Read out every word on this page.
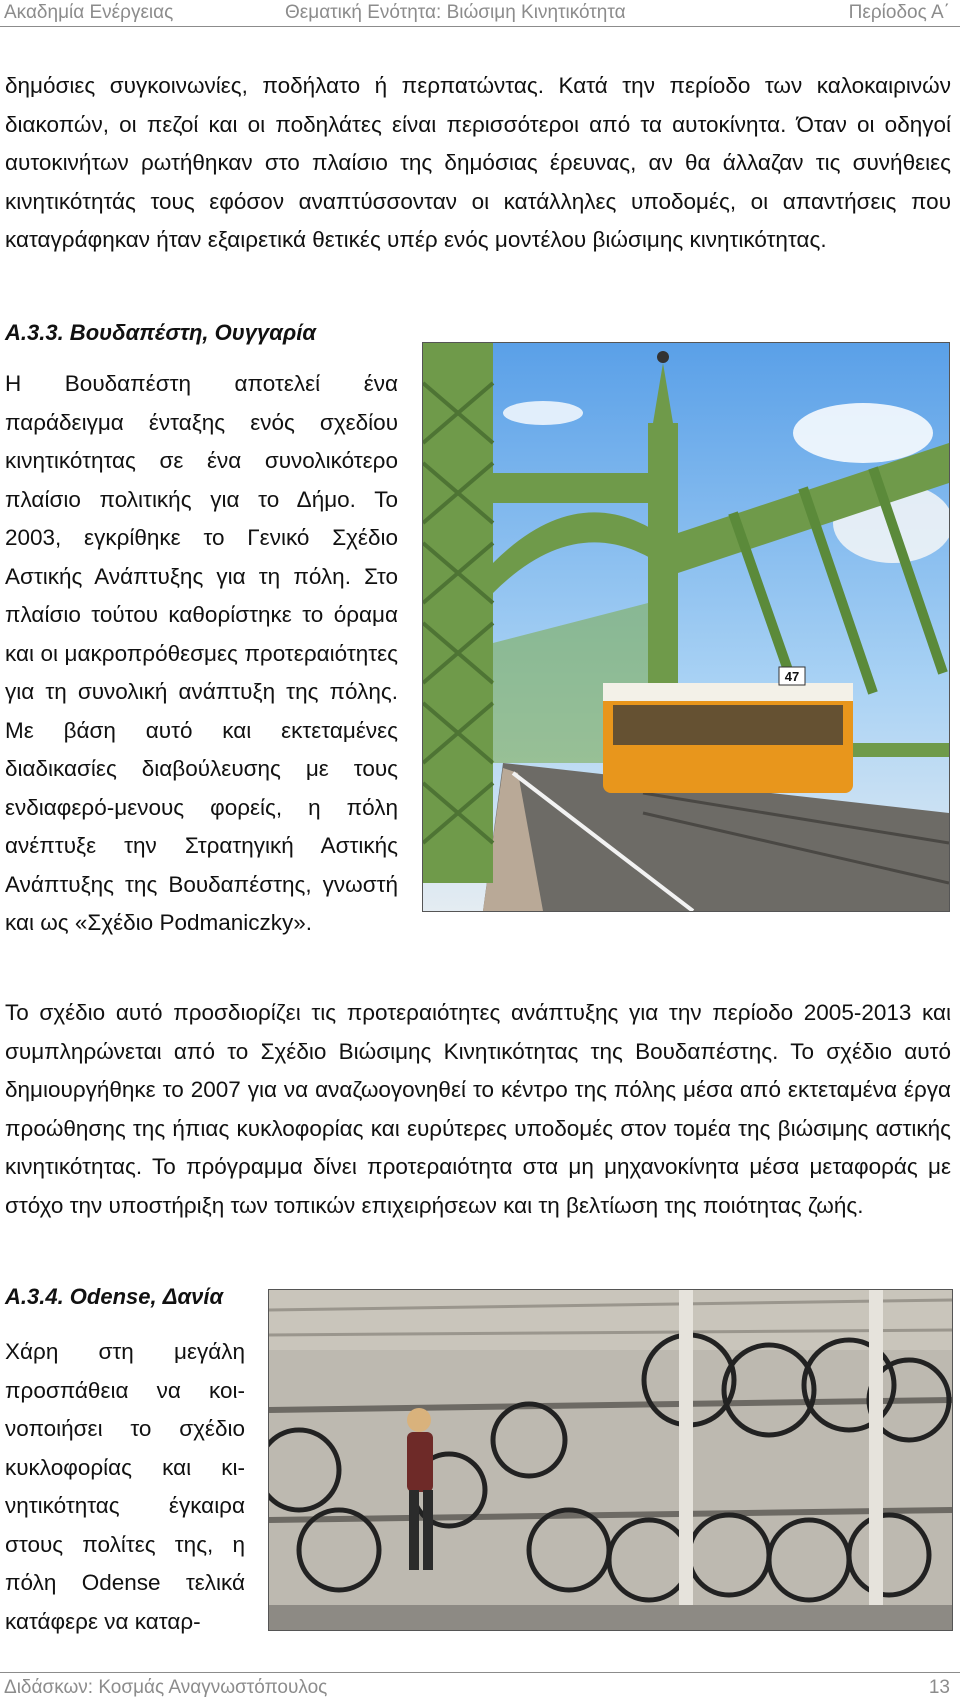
Ακαδημία Ενέργειας	Θεματική Ενότητα: Βιώσιμη Κινητικότητα	Περίοδος Α΄

δημόσιες συγκοινωνίες, ποδήλατο ή περπατώντας. Κατά την περίοδο των καλοκαιρινών διακοπών, οι πεζοί και οι ποδηλάτες είναι περισσότεροι από τα αυτοκίνητα. Όταν οι οδηγοί αυτοκινήτων ρωτήθηκαν στο πλαίσιο της δημόσιας έρευνας, αν θα άλλαζαν τις συνήθειες κινητικότητάς τους εφόσον αναπτύσσονταν οι κατάλληλες υποδομές, οι απαντήσεις που καταγράφηκαν ήταν εξαιρετικά θετικές υπέρ ενός μοντέλου βιώσιμης κινητικότητας.

Α.3.3. Βουδαπέστη, Ουγγαρία

Η Βουδαπέστη αποτελεί ένα παράδειγμα ένταξης ενός σχεδίου κινητικότητας σε ένα συνολικότερο πλαίσιο πολιτικής για το Δήμο. Το 2003, εγκρίθηκε το Γενικό Σχέδιο Αστικής Ανάπτυξης για τη πόλη. Στο πλαίσιο τούτου καθορίστηκε το όραμα και οι μακροπρόθεσμες προτεραιότητες για τη συνολική ανάπτυξη της πόλης. Με βάση αυτό και εκτεταμένες διαδικασίες διαβούλευσης με τους ενδιαφερό-μενους φορείς, η πόλη ανέπτυξε την Στρατηγική Αστικής Ανάπτυξης της Βουδαπέστης, γνωστή και ως «Σχέδιο Podmaniczky».

47

Το σχέδιο αυτό προσδιορίζει τις προτεραιότητες ανάπτυξης για την περίοδο 2005-2013 και συμπληρώνεται από το Σχέδιο Βιώσιμης Κινητικότητας της Βουδαπέστης. Το σχέδιο αυτό δημιουργήθηκε το 2007 για να αναζωογονηθεί το κέντρο της πόλης μέσα από εκτεταμένα έργα προώθησης της ήπιας κυκλοφορίας και ευρύτερες υποδομές στον τομέα της βιώσιμης αστικής κινητικότητας. Το πρόγραμμα δίνει προτεραιότητα στα μη μηχανοκίνητα μέσα μεταφοράς με στόχο την υποστήριξη των τοπικών επιχειρήσεων και τη βελτίωση της ποιότητας ζωής.

Α.3.4. Odense, Δανία

Χάρη στη μεγάλη προσπάθεια να κοι-νοποιήσει το σχέδιο κυκλοφορίας και κι-νητικότητας έγκαιρα στους πολίτες της, η πόλη Odense τελικά κατάφερε να καταρ-

Διδάσκων: Κοσμάς Αναγνωστόπουλος	13
